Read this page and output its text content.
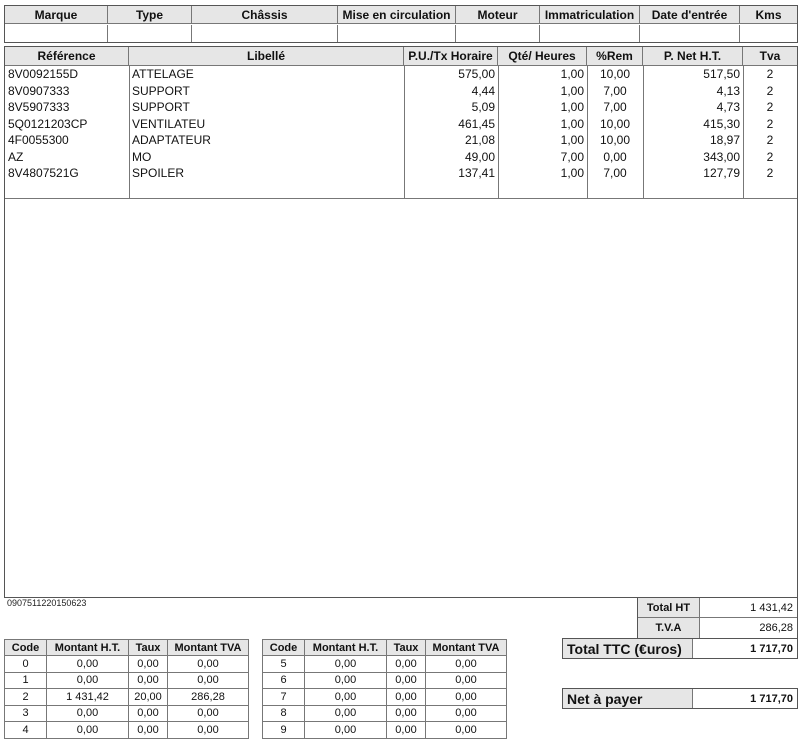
Marque	Type	Châssis	Mise en circulation	Moteur	Immatriculation	Date d'entrée	Kms
Référence	Libellé	P.U./Tx Horaire	Qté/ Heures	%Rem	P. Net H.T.	Tva
8V0092155D	ATTELAGE	575,00	1,00	10,00	517,50	2
8V0907333	SUPPORT	4,44	1,00	7,00	4,13	2
8V5907333	SUPPORT	5,09	1,00	7,00	4,73	2
5Q0121203CP	VENTILATEU	461,45	1,00	10,00	415,30	2
4F0055300	ADAPTATEUR	21,08	1,00	10,00	18,97	2
AZ	MO	49,00	7,00	0,00	343,00	2
8V4807521G	SPOILER	137,41	1,00	7,00	127,79	2
0907511220150623	Total HT	1 431,42
T.V.A	286,28
Total TTC (€uros)	1 717,70
Net à payer	1 717,70
Code	Montant H.T.	Taux	Montant TVA
0	0,00	0,00	0,00
1	0,00	0,00	0,00
2	1 431,42	20,00	286,28
3	0,00	0,00	0,00
4	0,00	0,00	0,00
Code	Montant H.T.	Taux	Montant TVA
5	0,00	0,00	0,00
6	0,00	0,00	0,00
7	0,00	0,00	0,00
8	0,00	0,00	0,00
9	0,00	0,00	0,00
